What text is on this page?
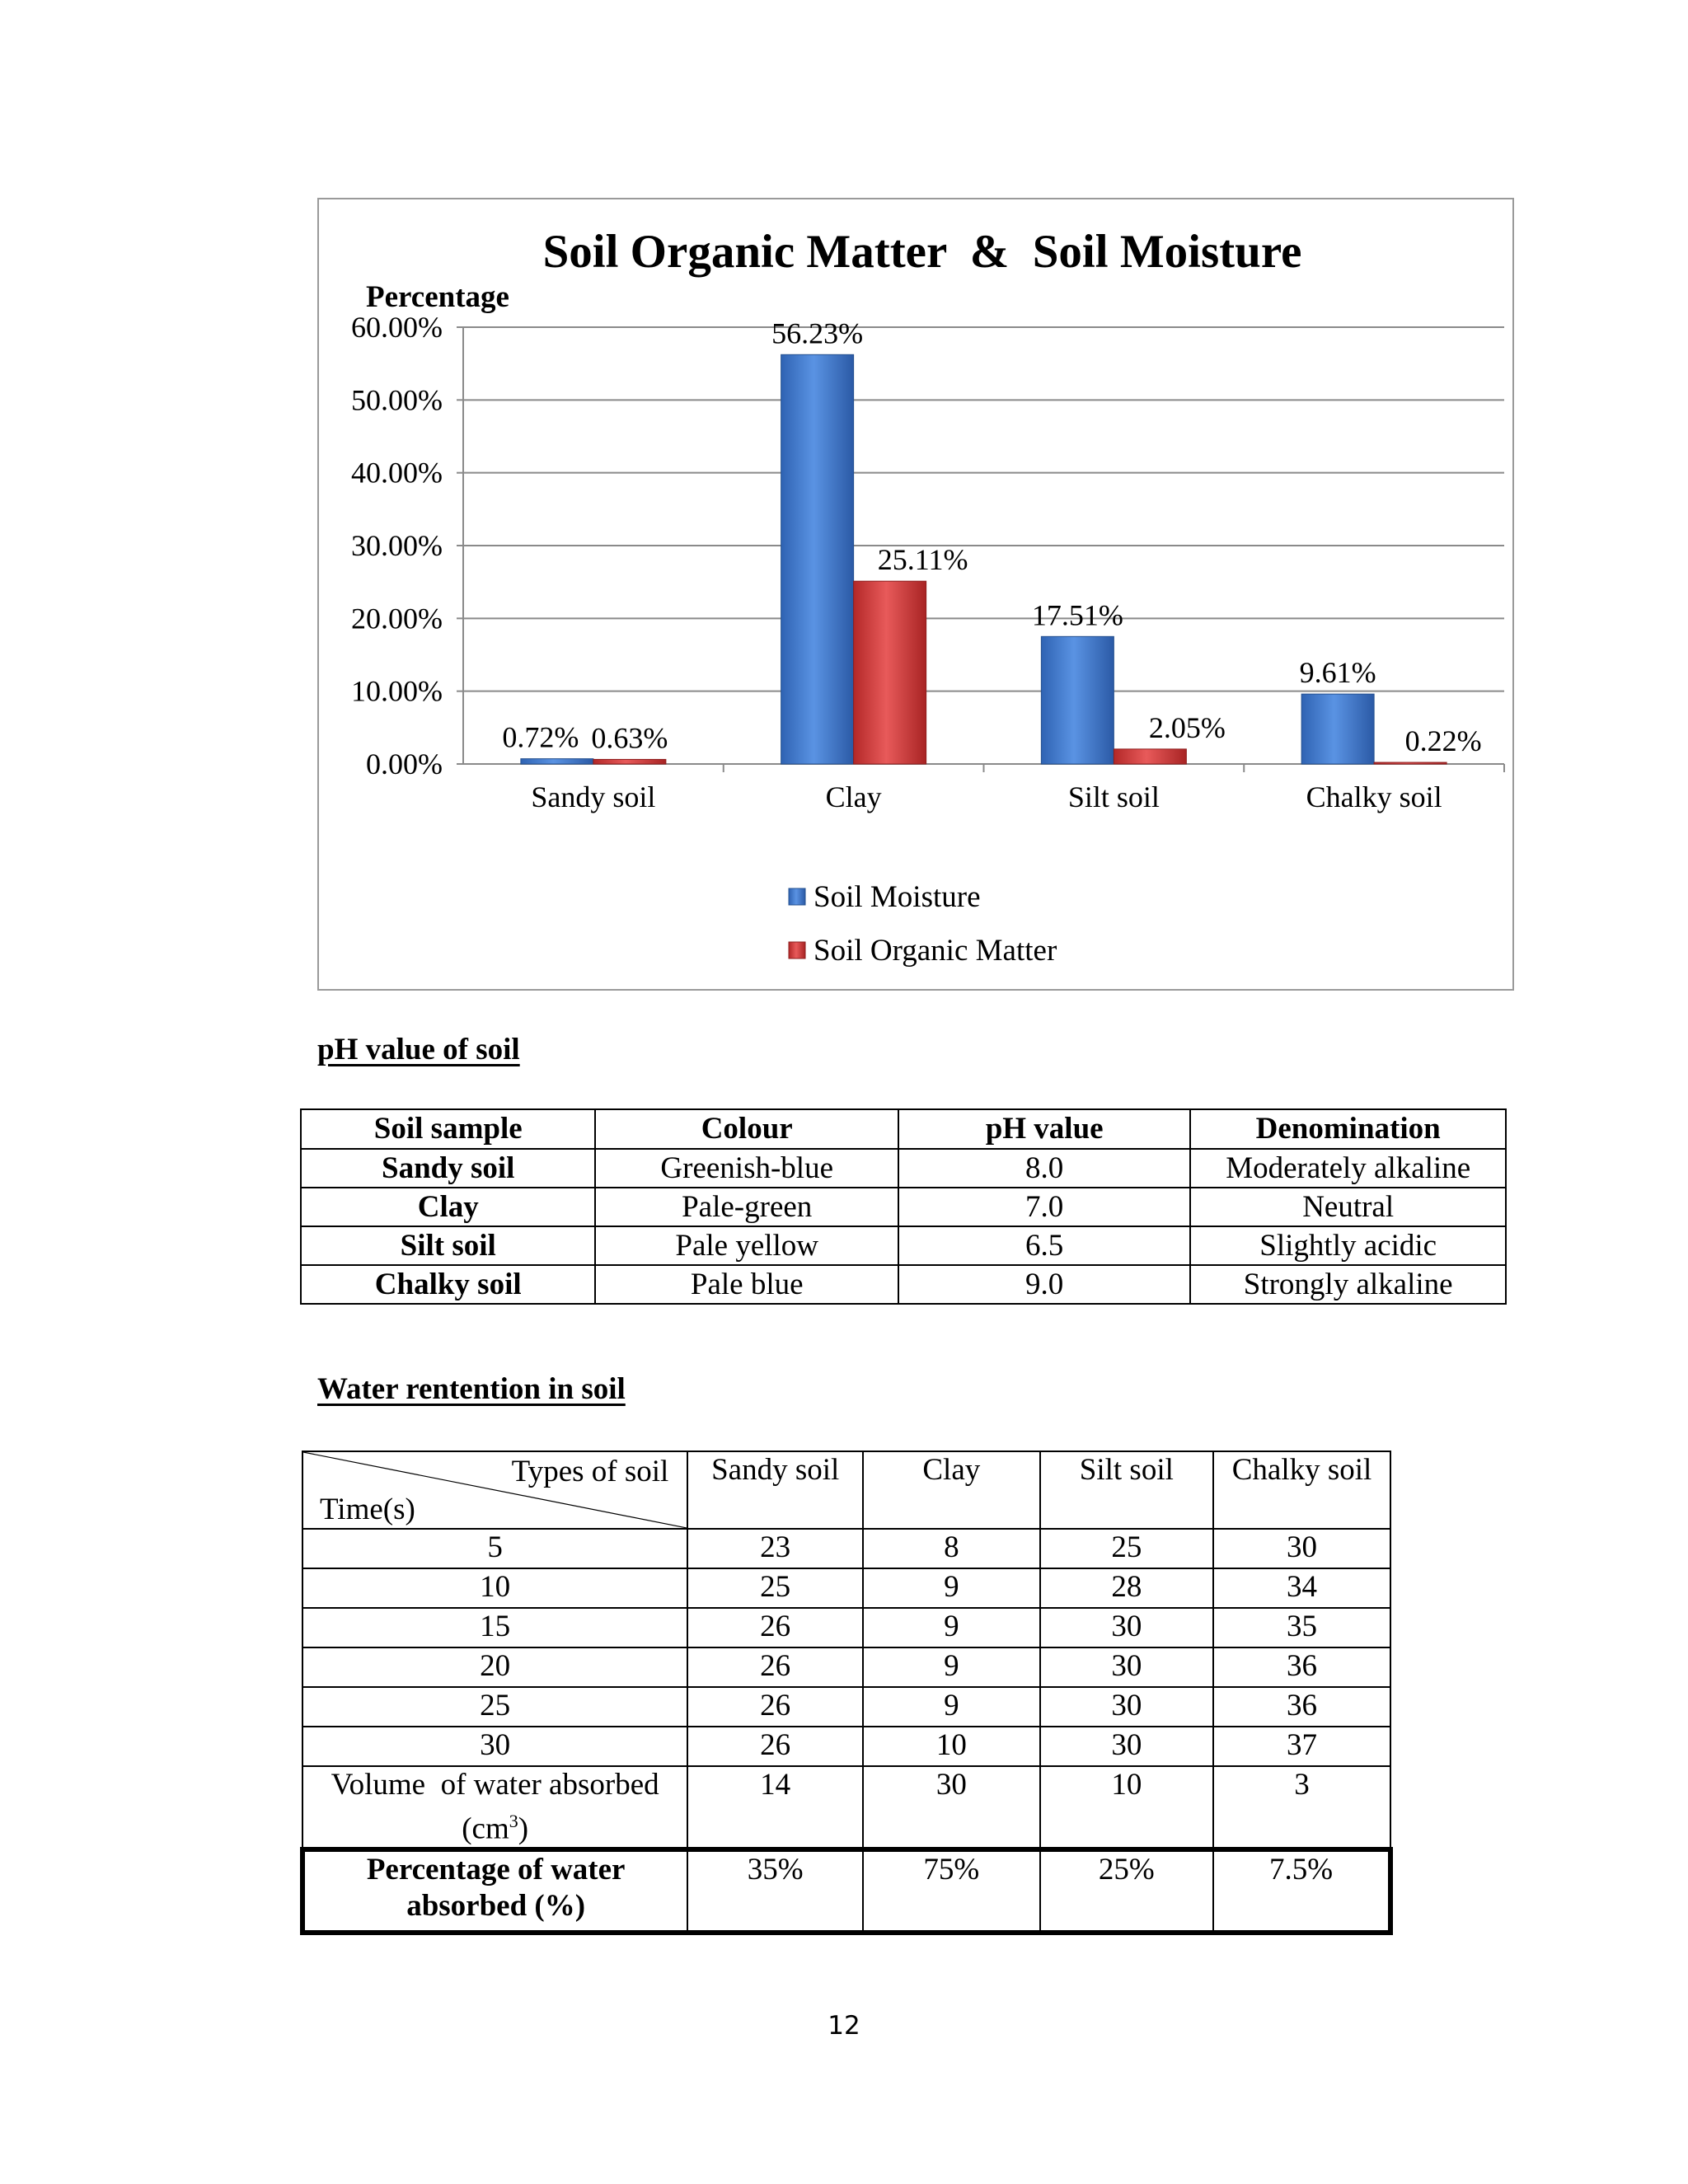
Soil Organic Matter  &  Soil Moisture
Percentage
0.00%
10.00%
20.00%
30.00%
40.00%
50.00%
60.00%
Sandy soil
0.72% 0.63%
Clay
56.23%
25.11%
Silt soil
17.51%
2.05%
Chalky soil
9.61%
0.22%
Soil Moisture
Soil Organic Matter
pH value of soil
Soil sample	Colour	pH value	Denomination
Sandy soil	Greenish-blue	8.0	Moderately alkaline
Clay	Pale-green	7.0	Neutral
Silt soil	Pale yellow	6.5	Slightly acidic
Chalky soil	Pale blue	9.0	Strongly alkaline
Water rentention in soil
Types of soil
Time(s)	Sandy soil	Clay	Silt soil	Chalky soil
5	23	8	25	30
10	25	9	28	34
15	26	9	30	35
20	26	9	30	36
25	26	9	30	36
30	26	10	30	37
Volume  of water absorbed
$(cm^3)$	14	30	10	3
Percentage of water absorbed (%)	35%	75%	25%	7.5%
12
